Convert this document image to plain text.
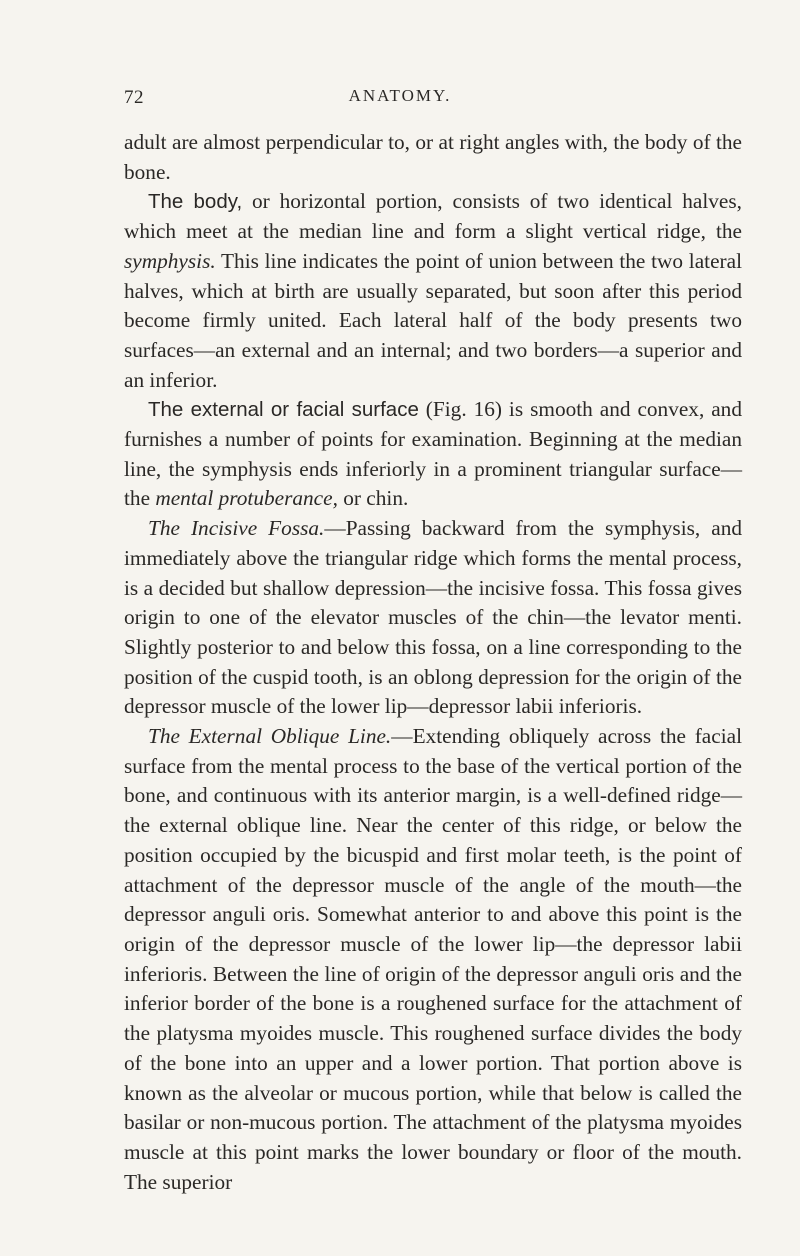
72	ANATOMY.

adult are almost perpendicular to, or at right angles with, the body of the bone.

The body, or horizontal portion, consists of two identical halves, which meet at the median line and form a slight vertical ridge, the symphysis. This line indicates the point of union between the two lateral halves, which at birth are usually separated, but soon after this period become firmly united. Each lateral half of the body presents two surfaces—an external and an internal; and two borders—a superior and an inferior.

The external or facial surface (Fig. 16) is smooth and convex, and furnishes a number of points for examination. Beginning at the median line, the symphysis ends inferiorly in a prominent triangular surface—the mental protuberance, or chin.

The Incisive Fossa.—Passing backward from the symphysis, and immediately above the triangular ridge which forms the mental process, is a decided but shallow depression—the incisive fossa. This fossa gives origin to one of the elevator muscles of the chin—the levator menti. Slightly posterior to and below this fossa, on a line corresponding to the position of the cuspid tooth, is an oblong depression for the origin of the depressor muscle of the lower lip—depressor labii inferioris.

The External Oblique Line.—Extending obliquely across the facial surface from the mental process to the base of the vertical portion of the bone, and continuous with its anterior margin, is a well-defined ridge—the external oblique line. Near the center of this ridge, or below the position occupied by the bicuspid and first molar teeth, is the point of attachment of the depressor muscle of the angle of the mouth—the depressor anguli oris. Somewhat anterior to and above this point is the origin of the depressor muscle of the lower lip—the depressor labii inferioris. Between the line of origin of the depressor anguli oris and the inferior border of the bone is a roughened surface for the attachment of the platysma myoides muscle. This roughened surface divides the body of the bone into an upper and a lower portion. That portion above is known as the alveolar or mucous portion, while that below is called the basilar or non-mucous portion. The attachment of the platysma myoides muscle at this point marks the lower boundary or floor of the mouth. The superior
